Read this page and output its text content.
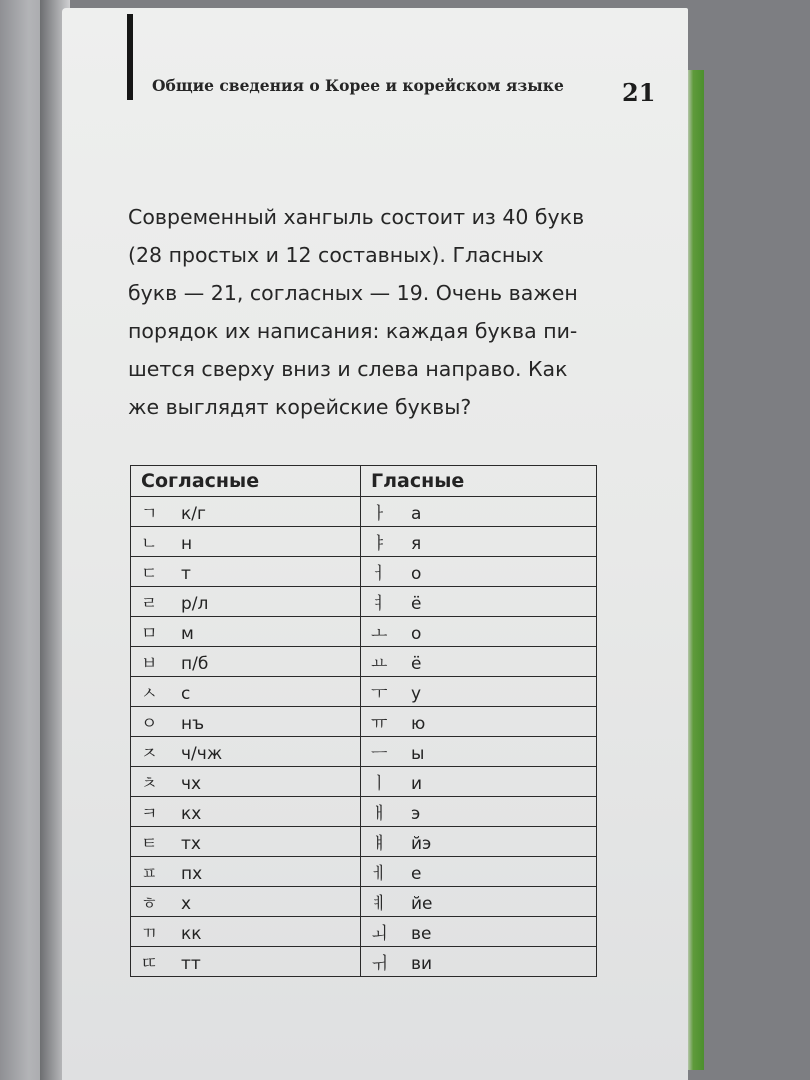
Общие сведения о Корее и корейском языке 21

Современный хангыль состоит из 40 букв
(28 простых и 12 составных). Гласных
букв — 21, согласных — 19. Очень важен
порядок их написания: каждая буква пи-
шется сверху вниз и слева направо. Как
же выглядят корейские буквы?

Согласные	Гласные
ㄱ к/г	ㅏ а
ㄴ н	ㅑ я
ㄷ т	ㅓ о
ㄹ р/л	ㅕ ё
ㅁ м	ㅗ о
ㅂ п/б	ㅛ ё
ㅅ с	ㅜ у
ㅇ нъ	ㅠ ю
ㅈ ч/чж	ㅡ ы
ㅊ чх	ㅣ и
ㅋ кх	ㅐ э
ㅌ тх	ㅒ йэ
ㅍ пх	ㅔ е
ㅎ х	ㅖ йе
ㄲ кк	ㅚ ве
ㄸ тт	ㅟ ви
